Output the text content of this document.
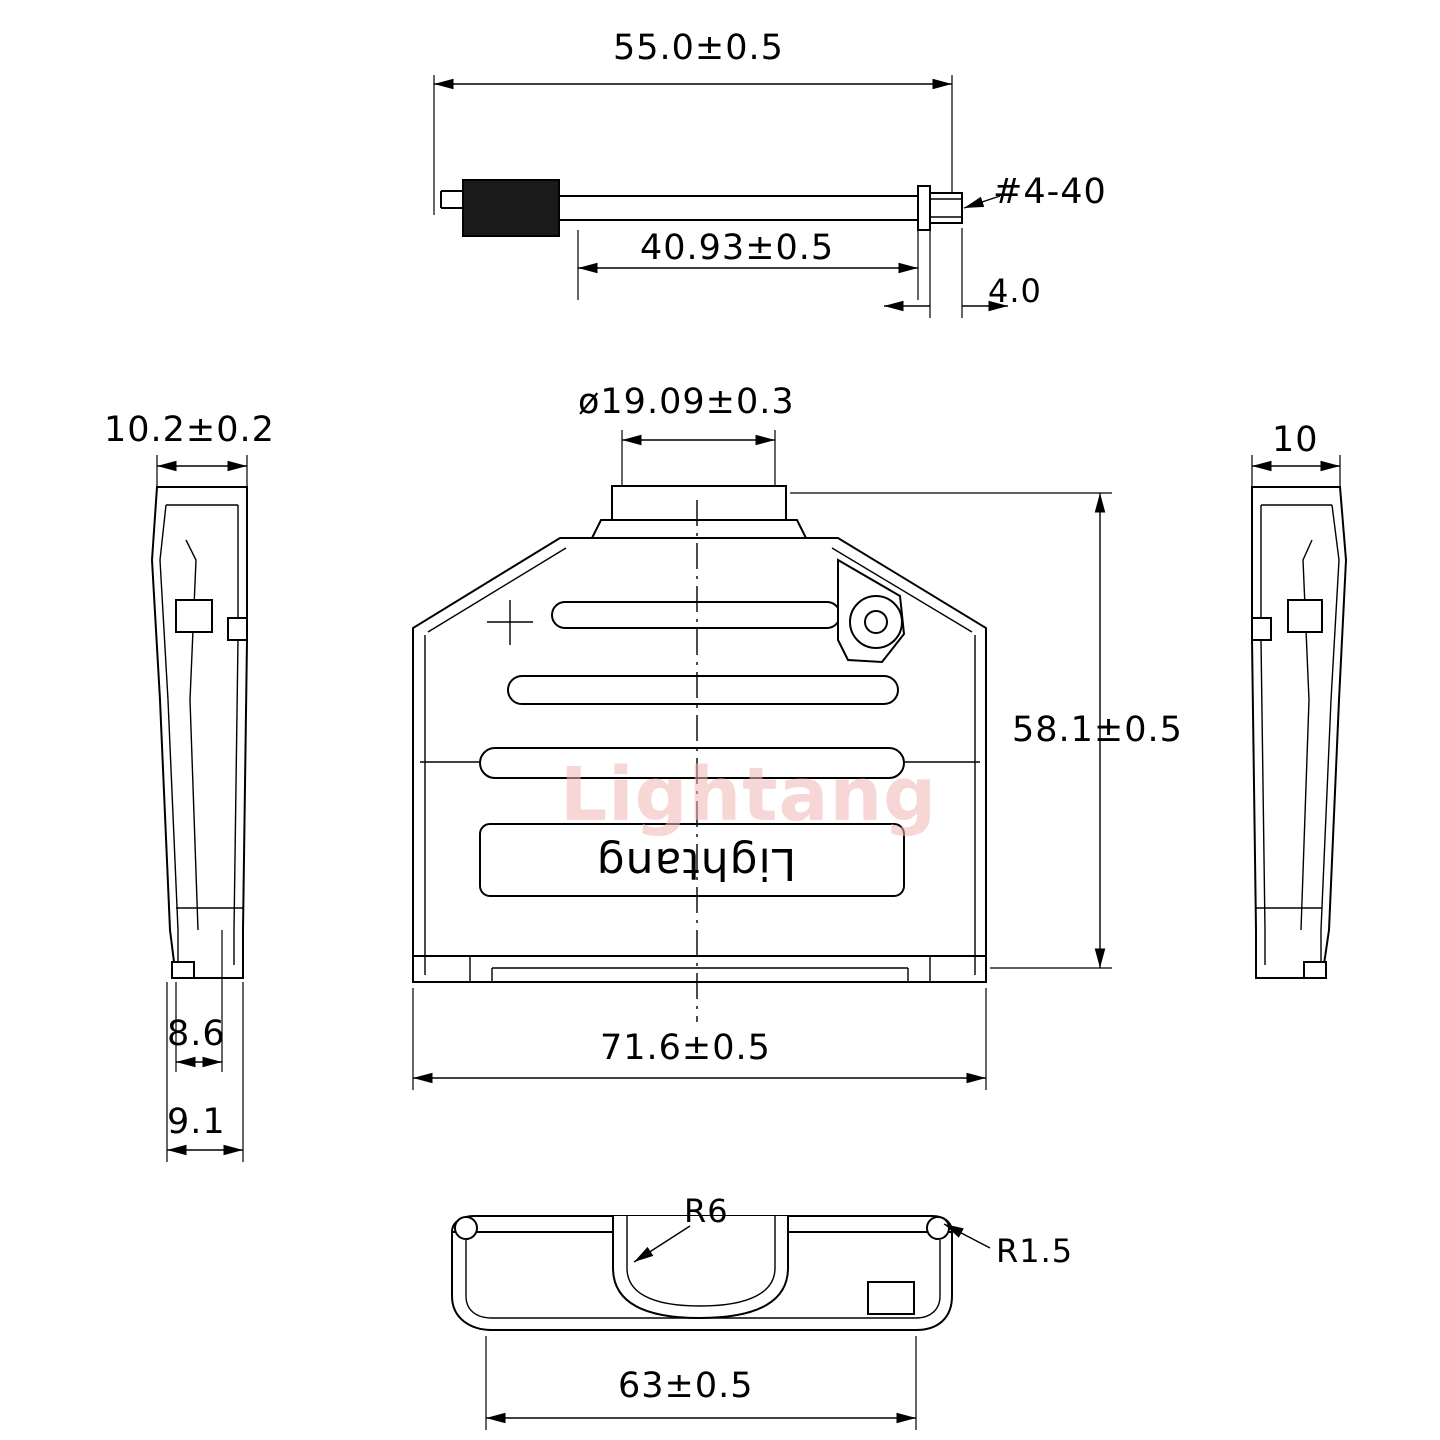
Lightang
Lightang
55.0±0.5
40.93±0.5
#4-40
4.0
ø19.09±0.3
58.1±0.5
71.6±0.5
10.2±0.2
8.6
9.1
10
R6
R1.5
63±0.5
